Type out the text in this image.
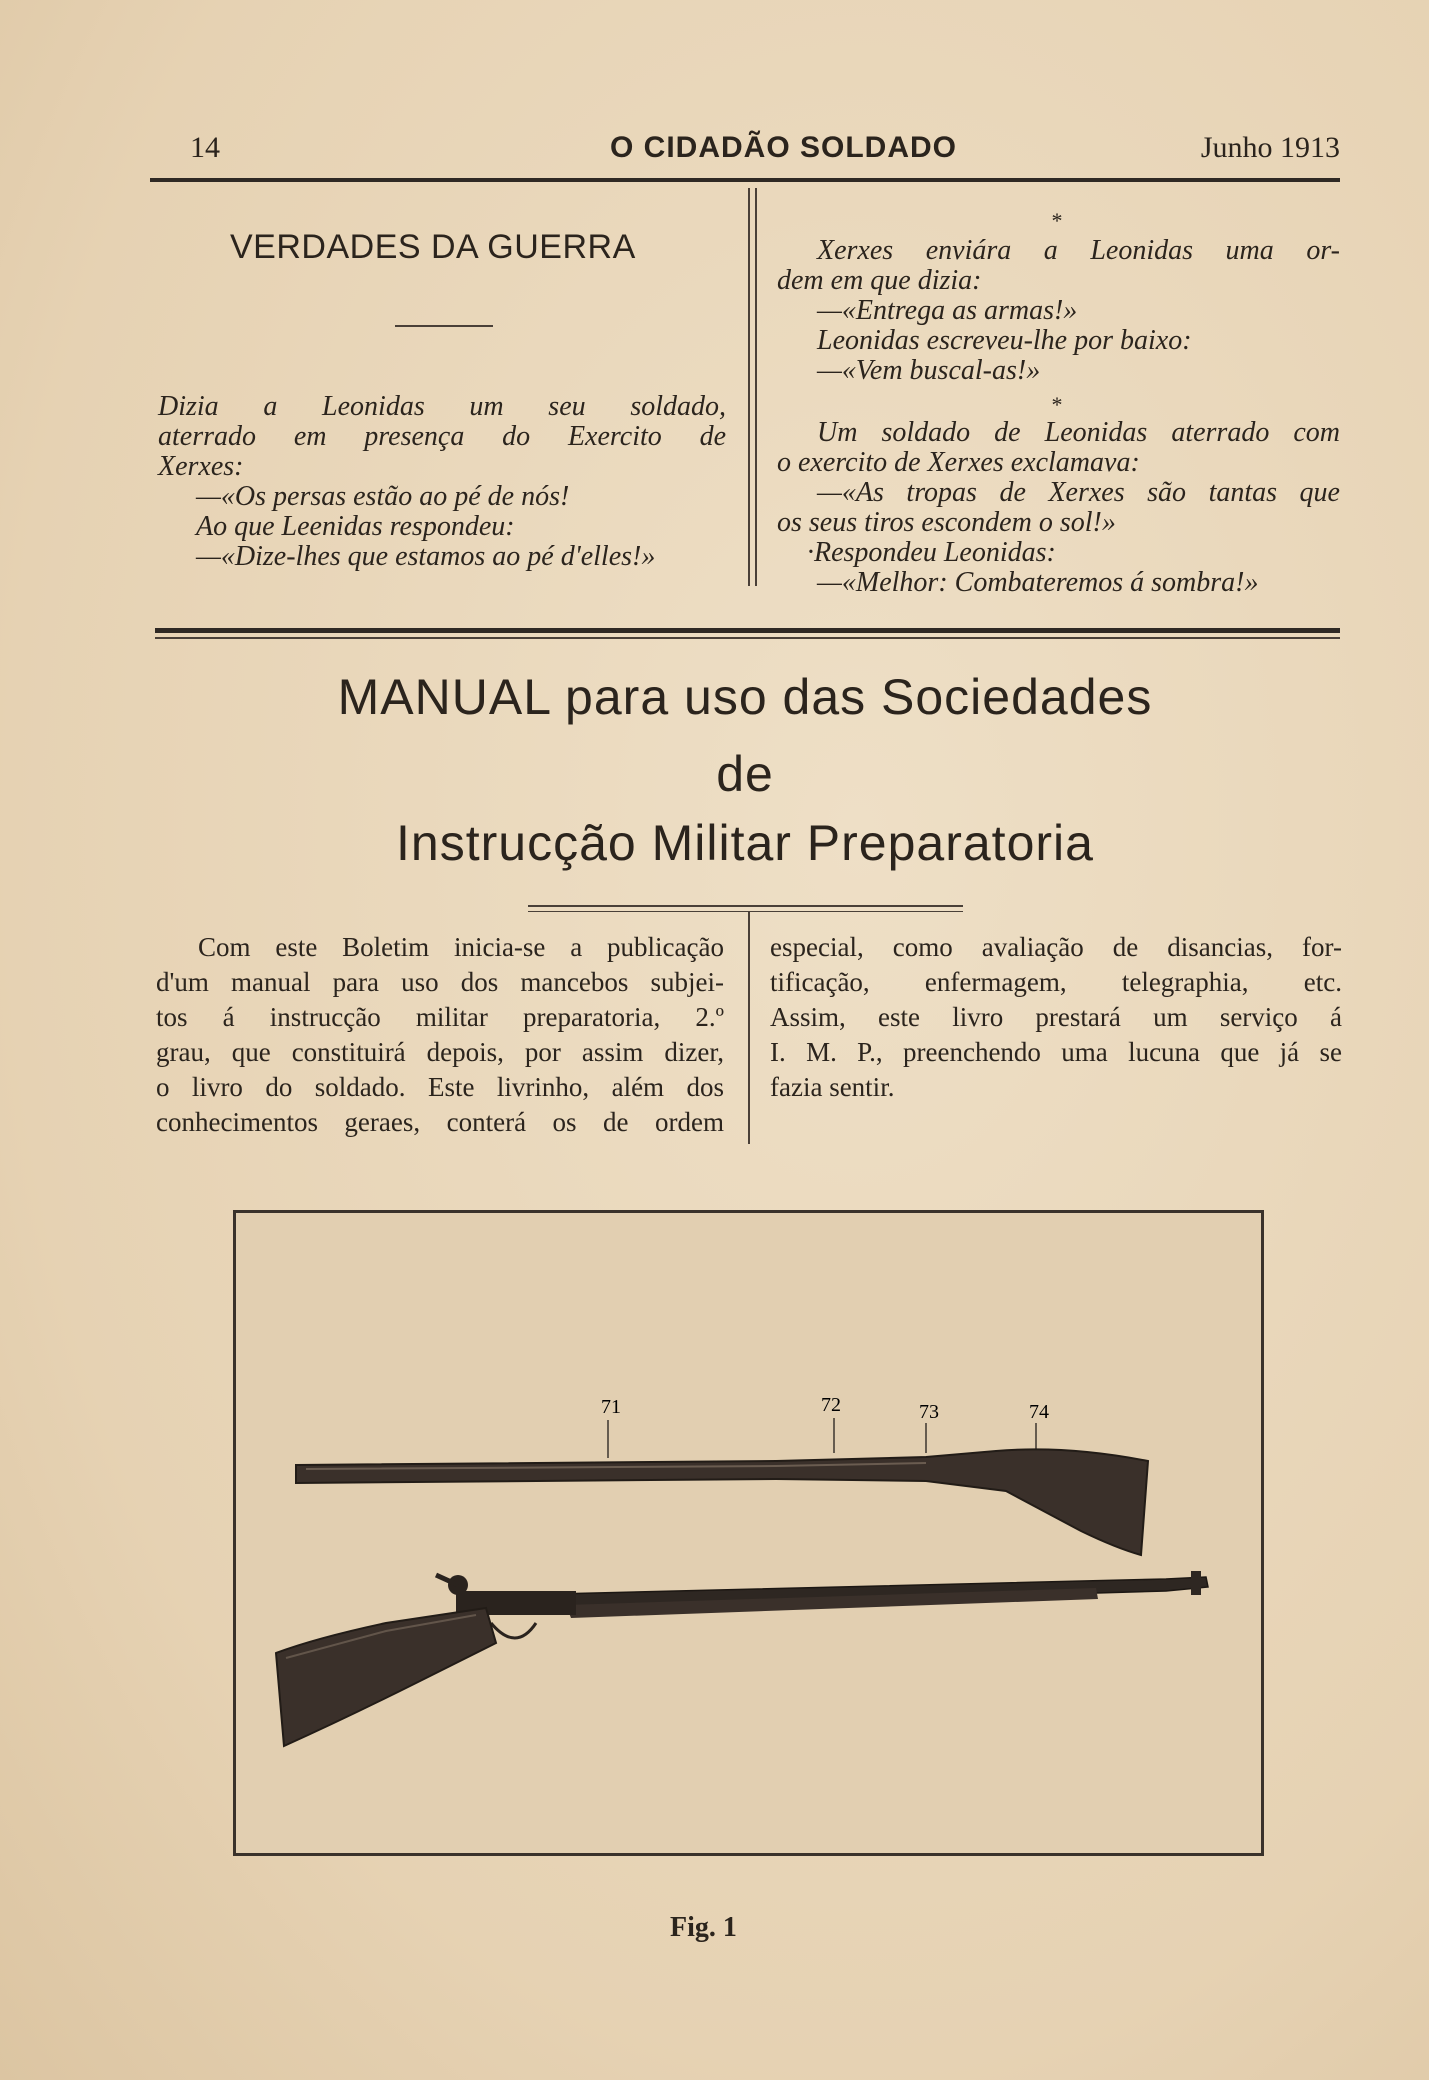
14	O CIDADÃO SOLDADO	Junho 1913
VERDADES DA GUERRA

Dizia a Leonidas um seu soldado,

aterrado em presença do Exercito de

Xerxes:

—«Os persas estão ao pé de nós!

Ao que Leenidas respondeu:

—«Dize-lhes que estamos ao pé d'elles!»

*

Xerxes enviára a Leonidas uma or-

dem em que dizia:

—«Entrega as armas!»

Leonidas escreveu-lhe por baixo:

—«Vem buscal-as!»

*

Um soldado de Leonidas aterrado com

o exercito de Xerxes exclamava:

—«As tropas de Xerxes são tantas que

os seus tiros escondem o sol!»

·Respondeu Leonidas:

—«Melhor: Combateremos á sombra!»

MANUAL para uso das Sociedades
de
Instrucção Militar Preparatoria

Com este Boletim inicia-se a publicação

d'um manual para uso dos mancebos subjei-

tos á instrucção militar preparatoria, 2.º

grau, que constituirá depois, por assim dizer,

o livro do soldado. Este livrinho, além dos

conhecimentos geraes, conterá os de ordem

especial, como avaliação de disancias, for-

tificação, enfermagem, telegraphia, etc.

Assim, este livro prestará um serviço á

I. M. P., preenchendo uma lucuna que já se

fazia sentir.

71	72	73	74
Fig. 1
